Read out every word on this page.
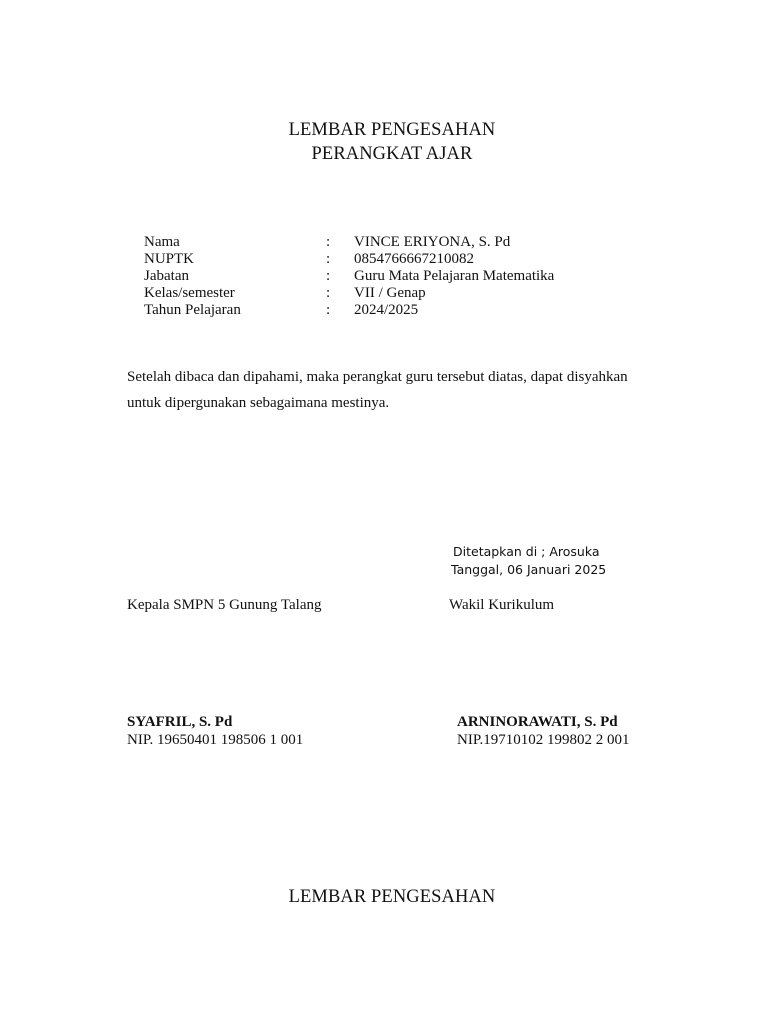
LEMBAR PENGESAHAN
PERANGKAT AJAR
Nama	: VINCE ERIYONA, S. Pd
NUPTK	: 0854766667210082
Jabatan	: Guru Mata Pelajaran Matematika
Kelas/semester	: VII / Genap
Tahun Pelajaran	: 2024/2025
Setelah dibaca dan dipahami, maka perangkat guru tersebut diatas, dapat disyahkan
untuk dipergunakan sebagaimana mestinya.
Ditetapkan di ; Arosuka
Tanggal, 06 Januari 2025
Kepala SMPN 5 Gunung Talang	Wakil Kurikulum
SYAFRIL, S. Pd	ARNINORAWATI, S. Pd
NIP. 19650401 198506 1 001	NIP.19710102 199802 2 001
LEMBAR PENGESAHAN
